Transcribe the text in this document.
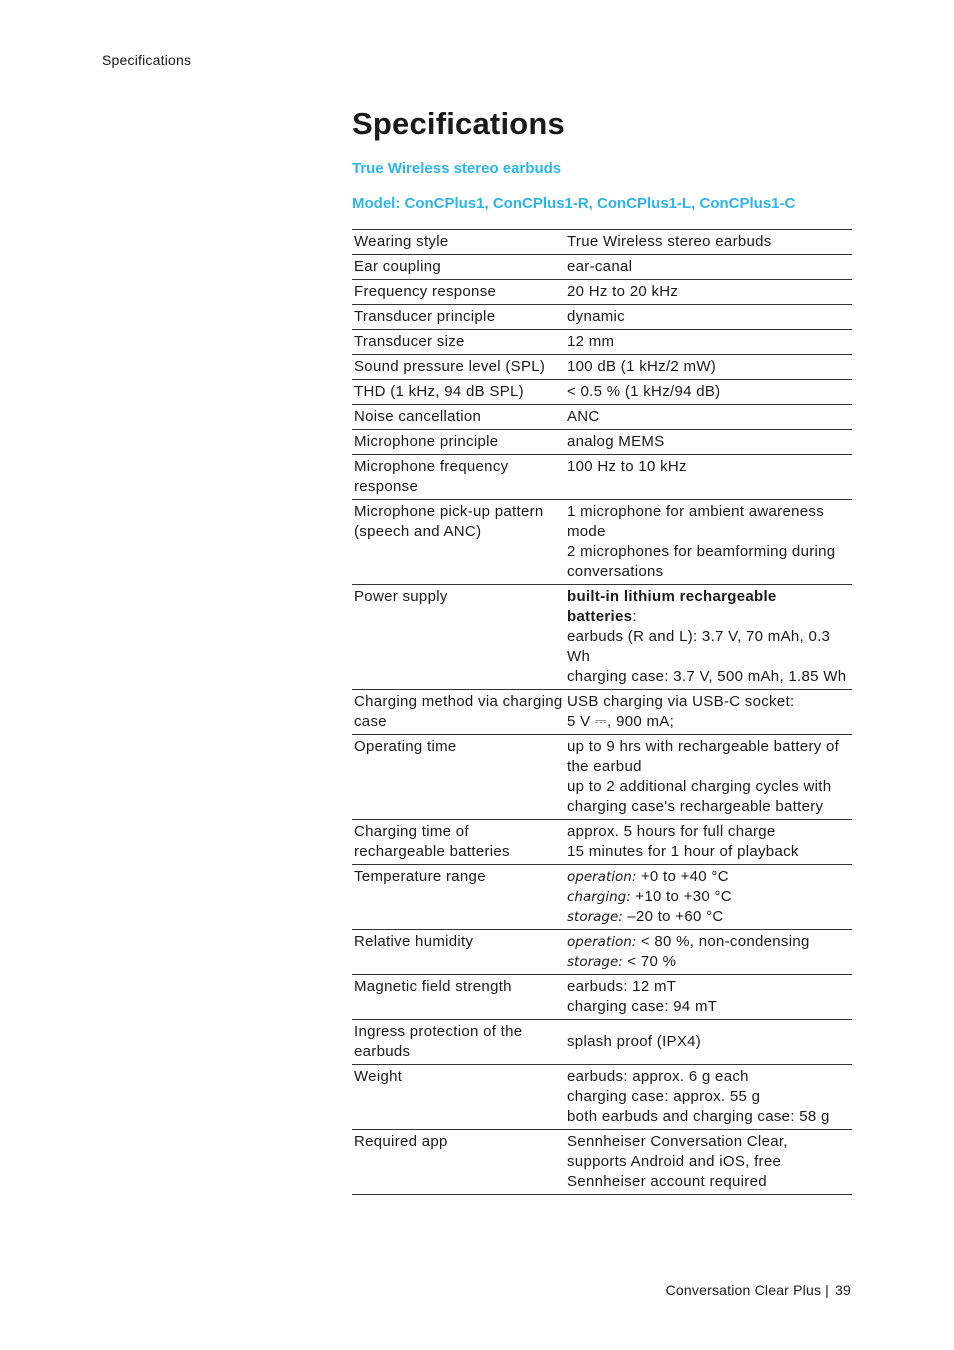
Specifications
Specifications

True Wireless stereo earbuds

Model: ConCPlus1, ConCPlus1-R, ConCPlus1-L, ConCPlus1-C

Wearing style	True Wireless stereo earbuds
Ear coupling	ear-canal
Frequency response	20 Hz to 20 kHz
Transducer principle	dynamic
Transducer size	12 mm
Sound pressure level (SPL)	100 dB (1 kHz/2 mW)
THD (1 kHz, 94 dB SPL)	< 0.5 % (1 kHz/94 dB)
Noise cancellation	ANC
Microphone principle	analog MEMS
Microphone frequency response	100 Hz to 10 kHz
Microphone pick-up pattern (speech and ANC)	1 microphone for ambient awareness mode
2 microphones for beamforming during conversations

Power supply	built-in lithium rechargeable batteries:
earbuds (R and L): 3.7 V, 70 mAh, 0.3 Wh
charging case: 3.7 V, 500 mAh, 1.85 Wh

Charging method via charging case	USB charging via USB-C socket:
5 V ⎓, 900 mA;

Operating time	up to 9 hrs with rechargeable battery of the earbud
up to 2 additional charging cycles with charging case's rechargeable battery

Charging time of rechargeable batteries	approx. 5 hours for full charge
15 minutes for 1 hour of playback

Temperature range	operation: +0 to +40 °C
charging: +10 to +30 °C
storage: –20 to +60 °C

Relative humidity	operation: < 80 %, non-condensing
storage: < 70 %

Magnetic field strength	earbuds: 12 mT
charging case: 94 mT

Ingress protection of the earbuds	splash proof (IPX4)
Weight	earbuds: approx. 6 g each
charging case: approx. 55 g
both earbuds and charging case: 58 g

Required app	Sennheiser Conversation Clear, supports Android and iOS, free
Sennheiser account required
Conversation Clear Plus | 39
